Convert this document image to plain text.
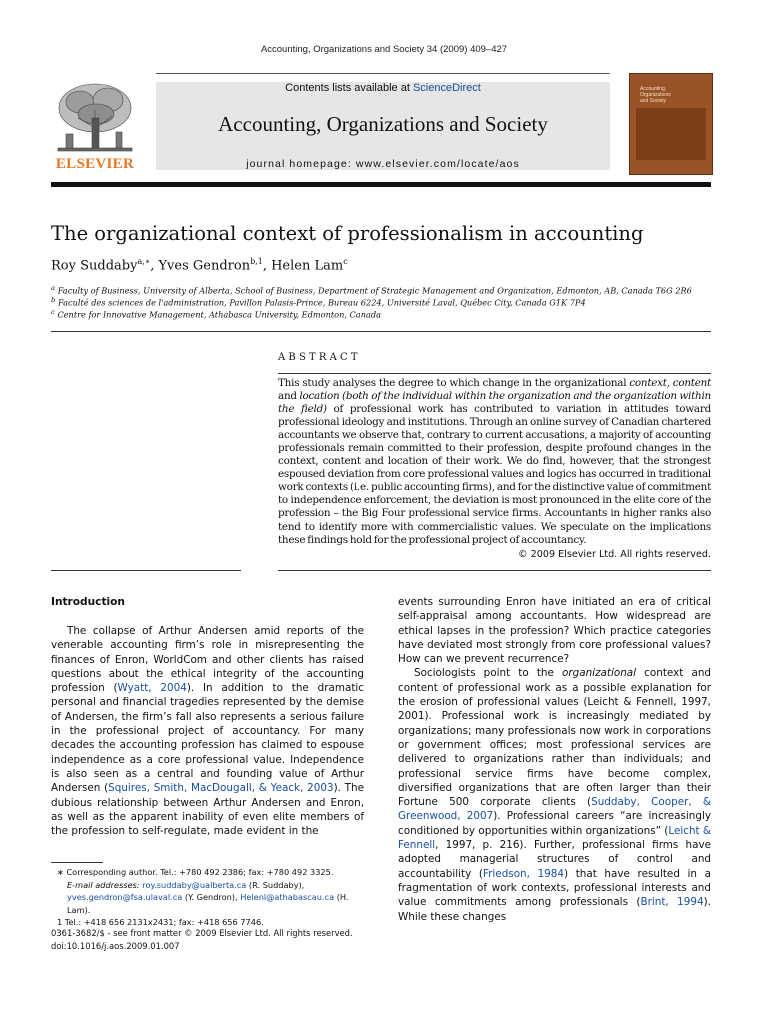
Accounting, Organizations and Society 34 (2009) 409–427
ELSEVIER
Contents lists available at ScienceDirect
Accounting, Organizations and Society
journal homepage: www.elsevier.com/locate/aos
Accounting,
Organizations
and Society
The organizational context of professionalism in accounting
Roy Suddaby$^{a,∗}$, Yves Gendron$^{b,1}$, Helen Lam$^c$
$^a$ Faculty of Business, University of Alberta, School of Business, Department of Strategic Management and Organization, Edmonton, AB, Canada T6G 2R6
$^b$ Faculté des sciences de l'administration, Pavillon Palasis-Prince, Bureau 6224, Université Laval, Québec City, Canada G1K 7P4
$^c$ Centre for Innovative Management, Athabasca University, Edmonton, Canada
ABSTRACT
This study analyses the degree to which change in the organizational context, content and location (both of the individual within the organization and the organization within the field) of professional work has contributed to variation in attitudes toward professional ideology and institutions. Through an online survey of Canadian chartered accountants we observe that, contrary to current accusations, a majority of accounting professionals remain committed to their profession, despite profound changes in the context, content and location of their work. We do find, however, that the strongest espoused deviation from core professional values and logics has occurred in traditional work contexts (i.e. public accounting firms), and for the distinctive value of commitment to independence enforcement, the deviation is most pronounced in the elite core of the profession – the Big Four professional service firms. Accountants in higher ranks also tend to identify more with commercialistic values. We speculate on the implications these findings hold for the professional project of accountancy.
© 2009 Elsevier Ltd. All rights reserved.
Introduction

The collapse of Arthur Andersen amid reports of the venerable accounting firm’s role in misrepresenting the finances of Enron, WorldCom and other clients has raised questions about the ethical integrity of the accounting profession (Wyatt, 2004). In addition to the dramatic personal and financial tragedies represented by the demise of Andersen, the firm’s fall also represents a serious failure in the professional project of accountancy. For many decades the accounting profession has claimed to espouse independence as a core professional value. Independence is also seen as a central and founding value of Arthur Andersen (Squires, Smith, MacDougall, & Yeack, 2003). The dubious relationship between Arthur Andersen and Enron, as well as the apparent inability of even elite members of the profession to self-regulate, made evident in the

events surrounding Enron have initiated an era of critical self-appraisal among accountants. How widespread are ethical lapses in the profession? Which practice categories have deviated most strongly from core professional values? How can we prevent recurrence?

Sociologists point to the organizational context and content of professional work as a possible explanation for the erosion of professional values (Leicht & Fennell, 1997, 2001). Professional work is increasingly mediated by organizations; many professionals now work in corporations or government offices; most professional services are delivered to organizations rather than individuals; and professional service firms have become complex, diversified organizations that are often larger than their Fortune 500 corporate clients (Suddaby, Cooper, & Greenwood, 2007). Professional careers “are increasingly conditioned by opportunities within organizations” (Leicht & Fennell, 1997, p. 216). Further, professional firms have adopted managerial structures of control and accountability (Friedson, 1984) that have resulted in a fragmentation of work contexts, professional interests and value commitments among professionals (Brint, 1994). While these changes

∗ Corresponding author. Tel.: +780 492 2386; fax: +780 492 3325.
E-mail addresses: roy.suddaby@ualberta.ca (R. Suddaby), yves.gendron@fsa.ulaval.ca (Y. Gendron), Helenl@athabascau.ca (H. Lam).
1 Tel.: +418 656 2131x2431; fax: +418 656 7746.
0361-3682/$ - see front matter © 2009 Elsevier Ltd. All rights reserved.
doi:10.1016/j.aos.2009.01.007
